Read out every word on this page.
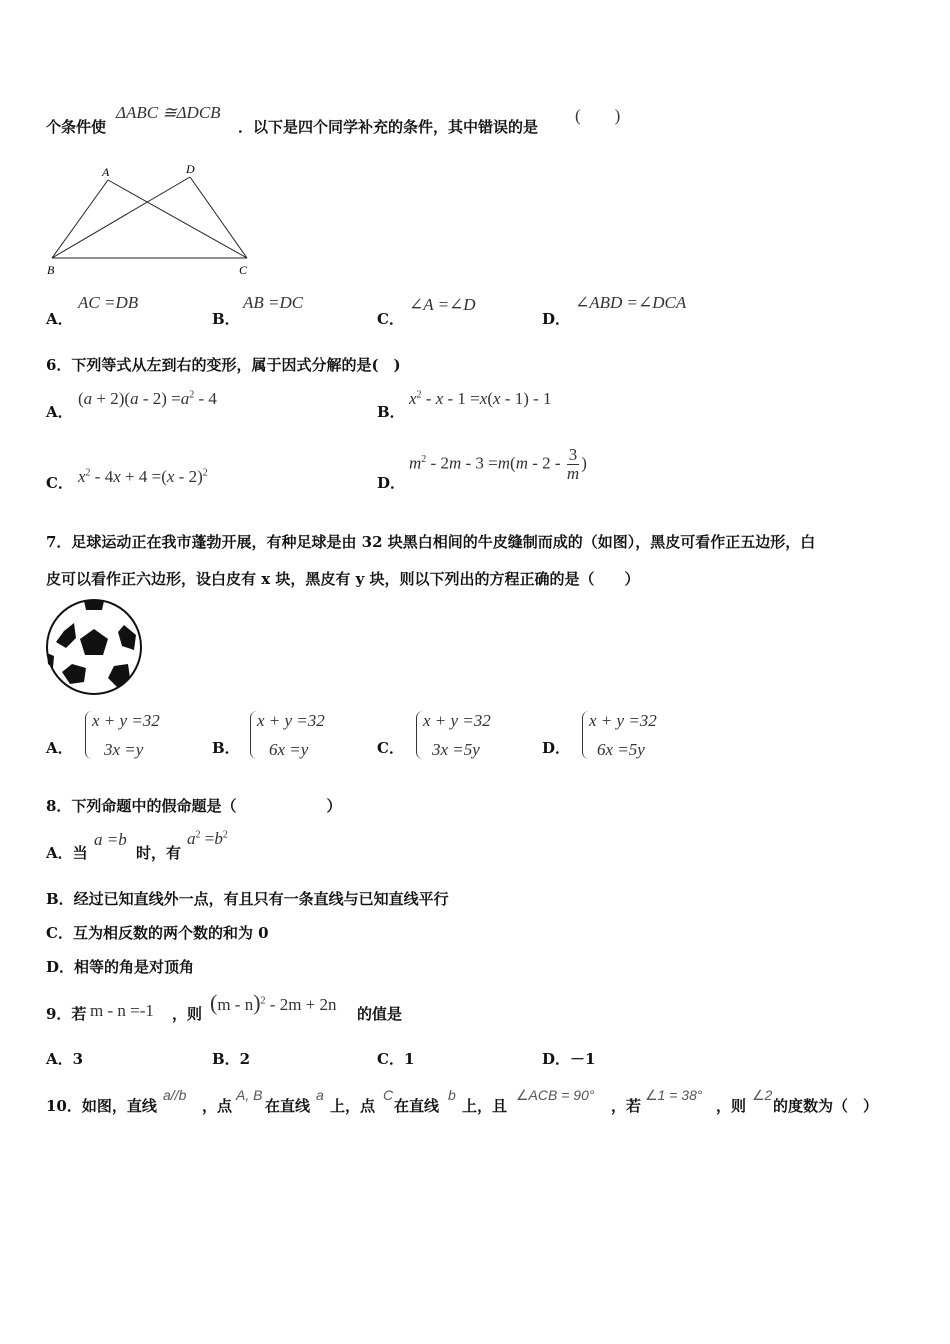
个条件使
ΔABC ≅ΔDCB
．以下是四个同学补充的条件，其中错误的是
(　　)
A	D
B	C
A．
AC =DB
B．
AB =DC
C．
∠A =∠D
D．
∠ABD =∠DCA
6．下列等式从左到右的变形，属于因式分解的是(　)
A．
$(a + 2)(a - 2) =a^2 - 4$
B．
$x^2 - x - 1 =x(x - 1) - 1$
C． $x^2 - 4x + 4 =(x - 2)^2$
D．
$m^2 - 2m - 3 =m(m - 2 - \frac{3}{m}$ )
7．足球运动正在我市蓬勃开展，有种足球是由 32 块黑白相间的牛皮缝制而成的（如图），黑皮可看作正五边形，白
皮可以看作正六边形，设白皮有 x 块，黑皮有 y 块，则以下列出的方程正确的是（　　）
A．
x + y =32
3x =y	B．
x + y =32
6x =y	C．
x + y =32
3x =5y	D．
x + y =32
6x =5y
8．下列命题中的假命题是（　　　　　　）
A．当
a =b
时，有
$a^2 =b^2$
B．经过已知直线外一点，有且只有一条直线与已知直线平行
C．互为相反数的两个数的和为 0
D．相等的角是对顶角
9．若 m - n =-1 ，则 (m - n)$^2$ - 2m + 2n 的值是
A．3	B．2	C．1	D．－1
10．如图，直线
a//b
，点
A, B
在直线
a
上，点
C
在直线
b
上，且
∠ACB = 90°
，若
∠1 = 38°
，则
∠2
的度数为（　）
